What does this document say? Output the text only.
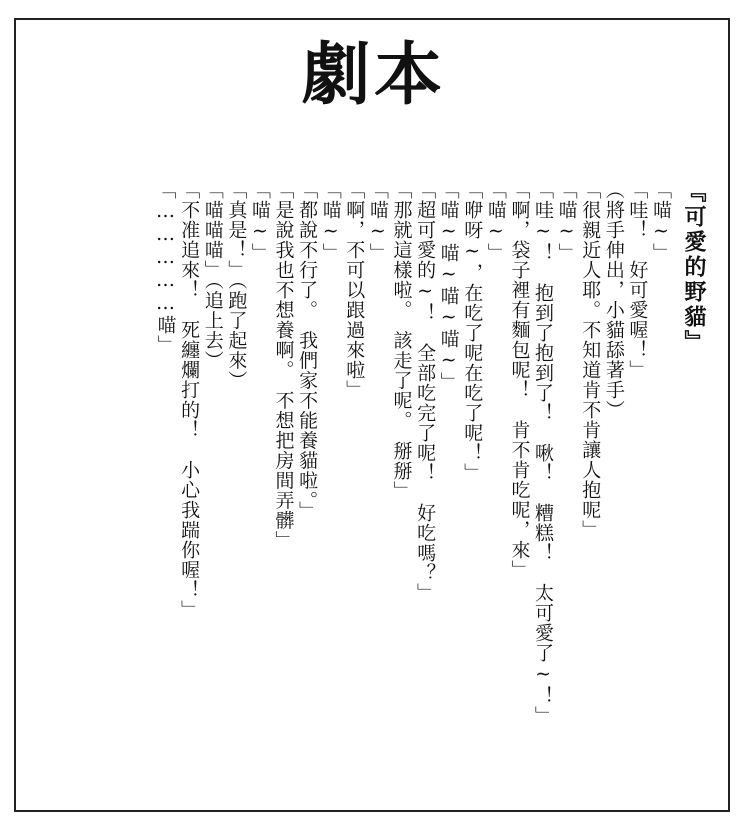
劇本

『可愛的野貓』

「喵∼」

「哇！　好可愛喔！」

（將手伸出，小貓舔著手）

「很親近人耶。不知道肯不肯讓人抱呢」

「喵∼」

「哇∼！　抱到了抱到了！　啾！　糟糕！　太可愛了∼！」

「啊，袋子裡有麵包呢！　肯不肯吃呢，來」

「喵∼」

「咿呀∼，在吃了呢在吃了呢！」

「喵∼喵∼喵∼喵∼」

「超可愛的∼！　全部吃完了呢！　好吃嗎？」

「那就這樣啦。　該走了呢。　掰掰」

「喵∼」

「啊，不可以跟過來啦」

「喵∼」

「都說不行了。　我們家不能養貓啦。」

「是說我也不想養啊。　不想把房間弄髒」

「喵∼」

「真是！」（跑了起來）

「喵喵喵」（追上去）

「不准追來！　死纏爛打的！　小心我踹你喔！」

「……………喵」
